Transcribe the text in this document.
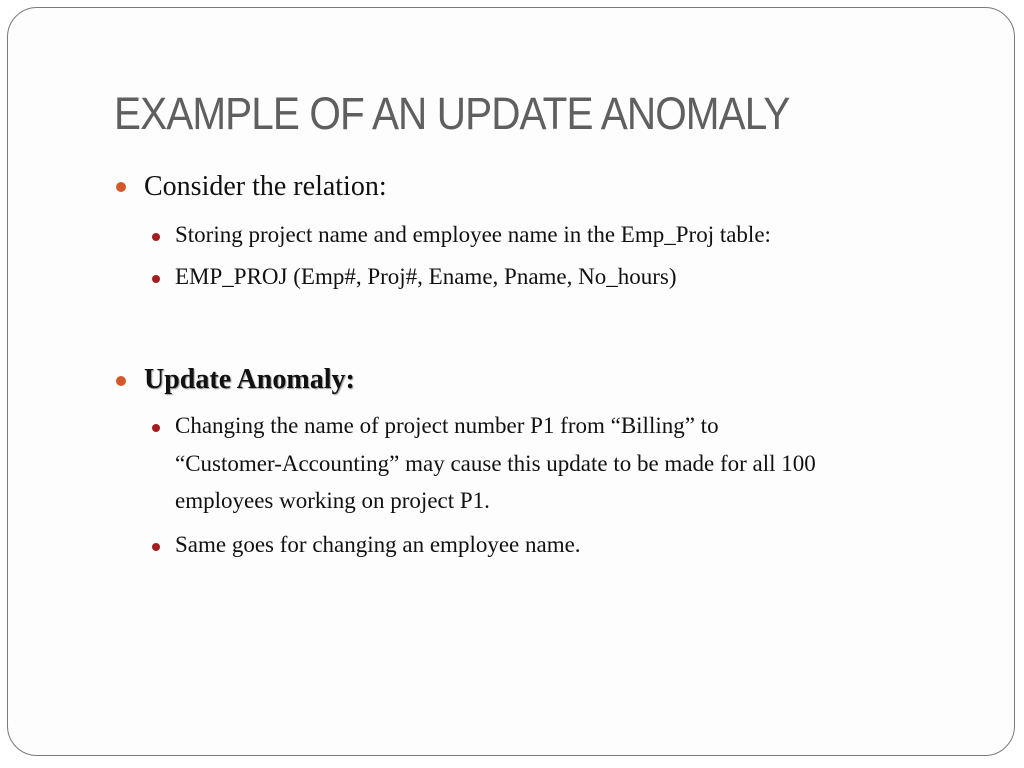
EXAMPLE OF AN UPDATE ANOMALY
Consider the relation:
Storing project name and employee name in the Emp_Proj table:
EMP_PROJ (Emp#, Proj#, Ename, Pname, No_hours)
Update Anomaly:
Changing the name of project number P1 from “Billing” to
“Customer-Accounting” may cause this update to be made for all 100
employees working on project P1.
Same goes for changing an employee name.
